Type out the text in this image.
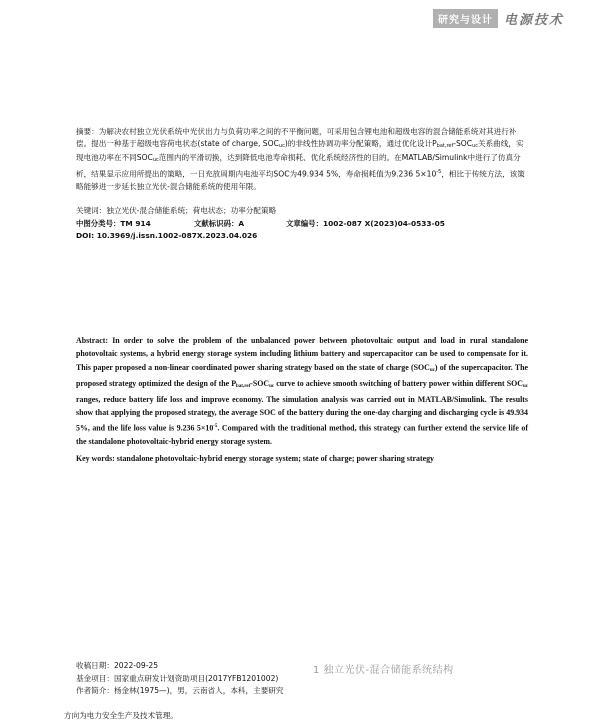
研究与设计 电源技术

摘要：为解决农村独立光伏系统中光伏出力与负荷功率之间的不平衡问题，可采用包含锂电池和超级电容的混合储能系统对其进行补偿。提出一种基于超级电容荷电状态(state of charge, $SOC_{uc}$)的非线性协调功率分配策略，通过优化设计$P_{bat,ref}-SOC_{uc}$关系曲线，实现电池功率在不同$SOC_{uc}$范围内的平滑切换，达到降低电池寿命损耗、优化系统经济性的目的。在MATLAB/Simulink中进行了仿真分析，结果显示应用所提出的策略，一日充放周期内电池平均SOC为49.934 5%，寿命损耗值为9.236 $5\times 10^{-5}$，相比于传统方法，该策略能够进一步延长独立光伏-混合储能系统的使用年限。

关键词：独立光伏-混合储能系统；荷电状态；功率分配策略

中图分类号：TM 914	文献标识码：A	文章编号：1002-087 X(2023)04-0533-05
DOI: 10.3969/j.issn.1002-087X.2023.04.026

Abstract: In order to solve the problem of the unbalanced power between photovoltaic output and load in rural standalone photovoltaic systems, a hybrid energy storage system including lithium battery and supercapacitor can be used to compensate for it. This paper proposed a non-linear coordinated power sharing strategy based on the state of charge $(SOC_{uc})$ of the supercapacitor. The proposed strategy optimized the design of the $P_{bat,ref}-SOC_{uc}$ curve to achieve smooth switching of battery power within different $SOC_{uc}$ ranges, reduce battery life loss and improve economy. The simulation analysis was carried out in MATLAB/Simulink. The results show that applying the proposed strategy, the average SOC of the battery during the one-day charging and discharging cycle is 49.934 5%, and the life loss value is 9.236 $5\times 10^{-5}$. Compared with the traditional method, this strategy can further extend the service life of the standalone photovoltaic-hybrid energy storage system.

Key words: standalone photovoltaic-hybrid energy storage system; state of charge; power sharing strategy

收稿日期：2022-09-25

基金项目：国家重点研发计划资助项目(2017YFB1201002)

作者简介：杨金林(1975—)，男，云南省人，本科，主要研究

方向为电力安全生产及技术管理。
1 独立光伏-混合储能系统结构
